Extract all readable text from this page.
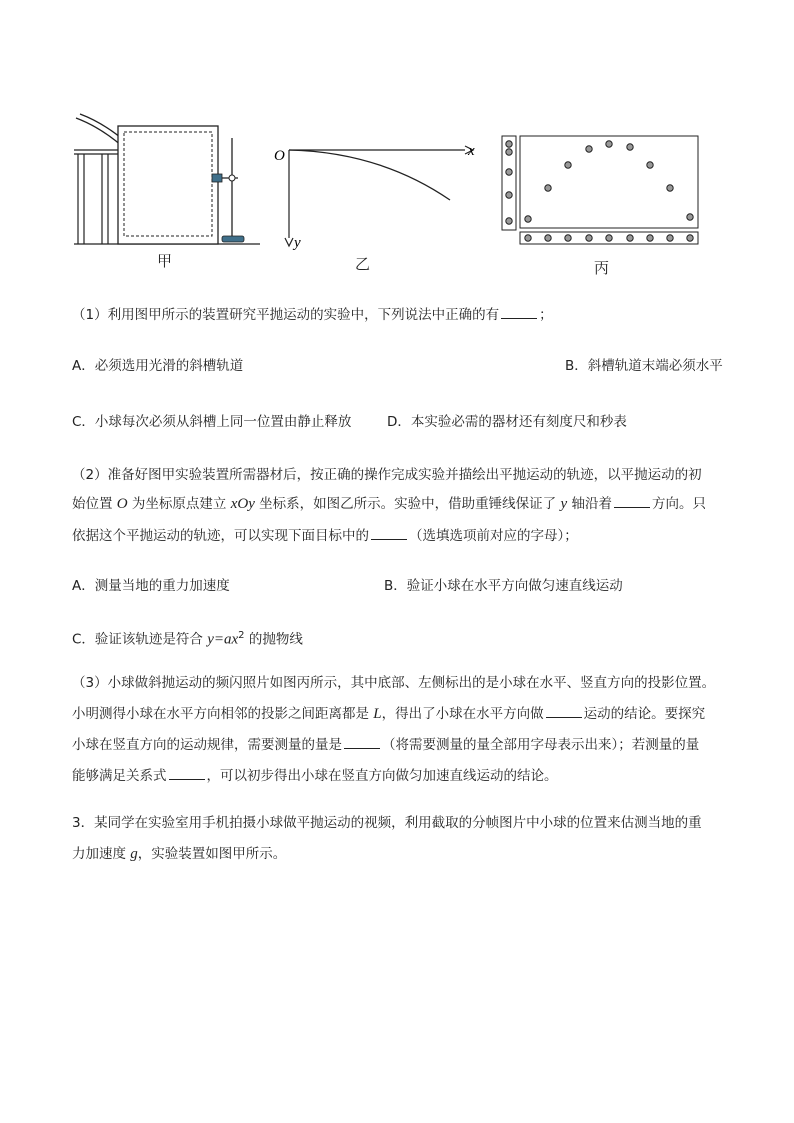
甲
O	x
y
乙	丙
（1）利用图甲所示的装置研究平抛运动的实验中，下列说法中正确的有	；
A．必须选用光滑的斜槽轨道	B．斜槽轨道末端必须水平
C．小球每次必须从斜槽上同一位置由静止释放	D．本实验必需的器材还有刻度尺和秒表
（2）准备好图甲实验装置所需器材后，按正确的操作完成实验并描绘出平抛运动的轨迹，以平抛运动的初
始位置 O 为坐标原点建立 xOy 坐标系，如图乙所示。实验中，借助重锤线保证了 y 轴沿着	方向。只
依据这个平抛运动的轨迹，可以实现下面目标中的	（选填选项前对应的字母）；
A．测量当地的重力加速度	B．验证小球在水平方向做匀速直线运动
C．验证该轨迹是符合 $y=ax^2$ 的抛物线
（3）小球做斜抛运动的频闪照片如图丙所示，其中底部、左侧标出的是小球在水平、竖直方向的投影位置。
小明测得小球在水平方向相邻的投影之间距离都是 L，得出了小球在水平方向做	运动的结论。要探究
小球在竖直方向的运动规律，需要测量的量是	（将需要测量的量全部用字母表示出来）；若测量的量
能够满足关系式	，可以初步得出小球在竖直方向做匀加速直线运动的结论。
3．某同学在实验室用手机拍摄小球做平抛运动的视频，利用截取的分帧图片中小球的位置来估测当地的重
力加速度 g，实验装置如图甲所示。
